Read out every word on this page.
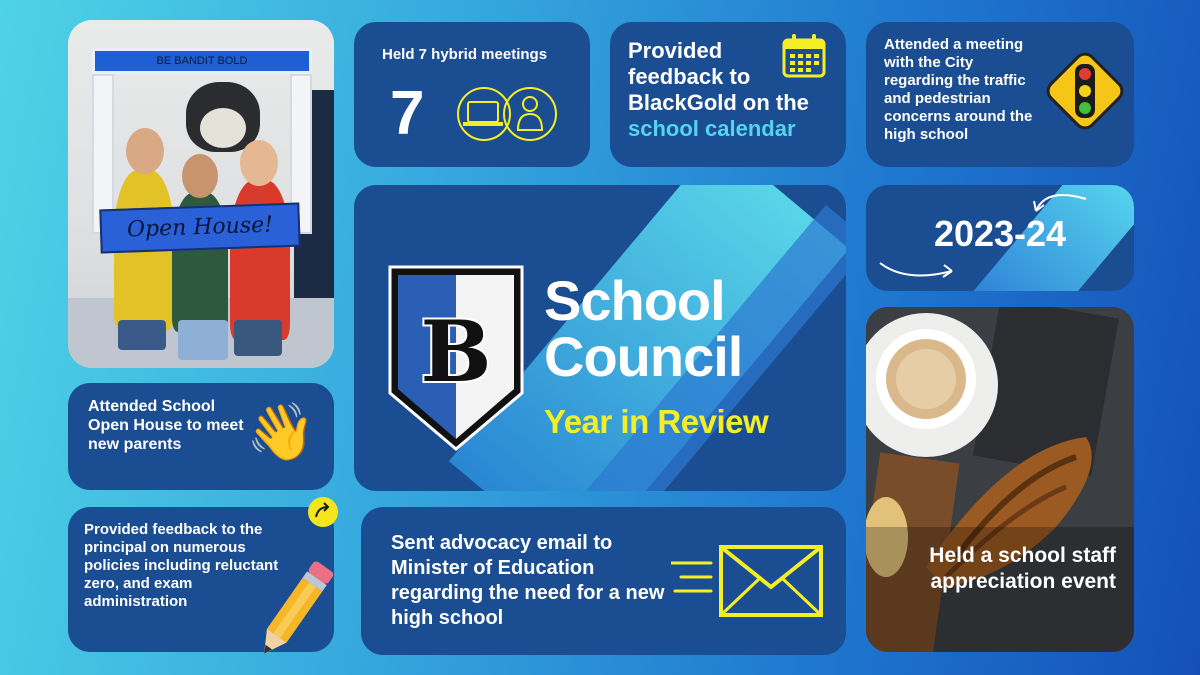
BE BANDIT BOLD
Open House!
Held 7 hybrid meetings
7
Provided
feedback to
BlackGold on the
school calendar
Attended a meeting with the City regarding the traffic and pedestrian concerns around the high school
B
School
Council
Year in Review
2023-24
Held a school staff appreciation event
Attended School Open House to meet new parents	👋
Provided feedback to the principal on numerous policies including reluctant zero, and exam administration
Sent advocacy email to Minister of Education regarding the need for a new high school
